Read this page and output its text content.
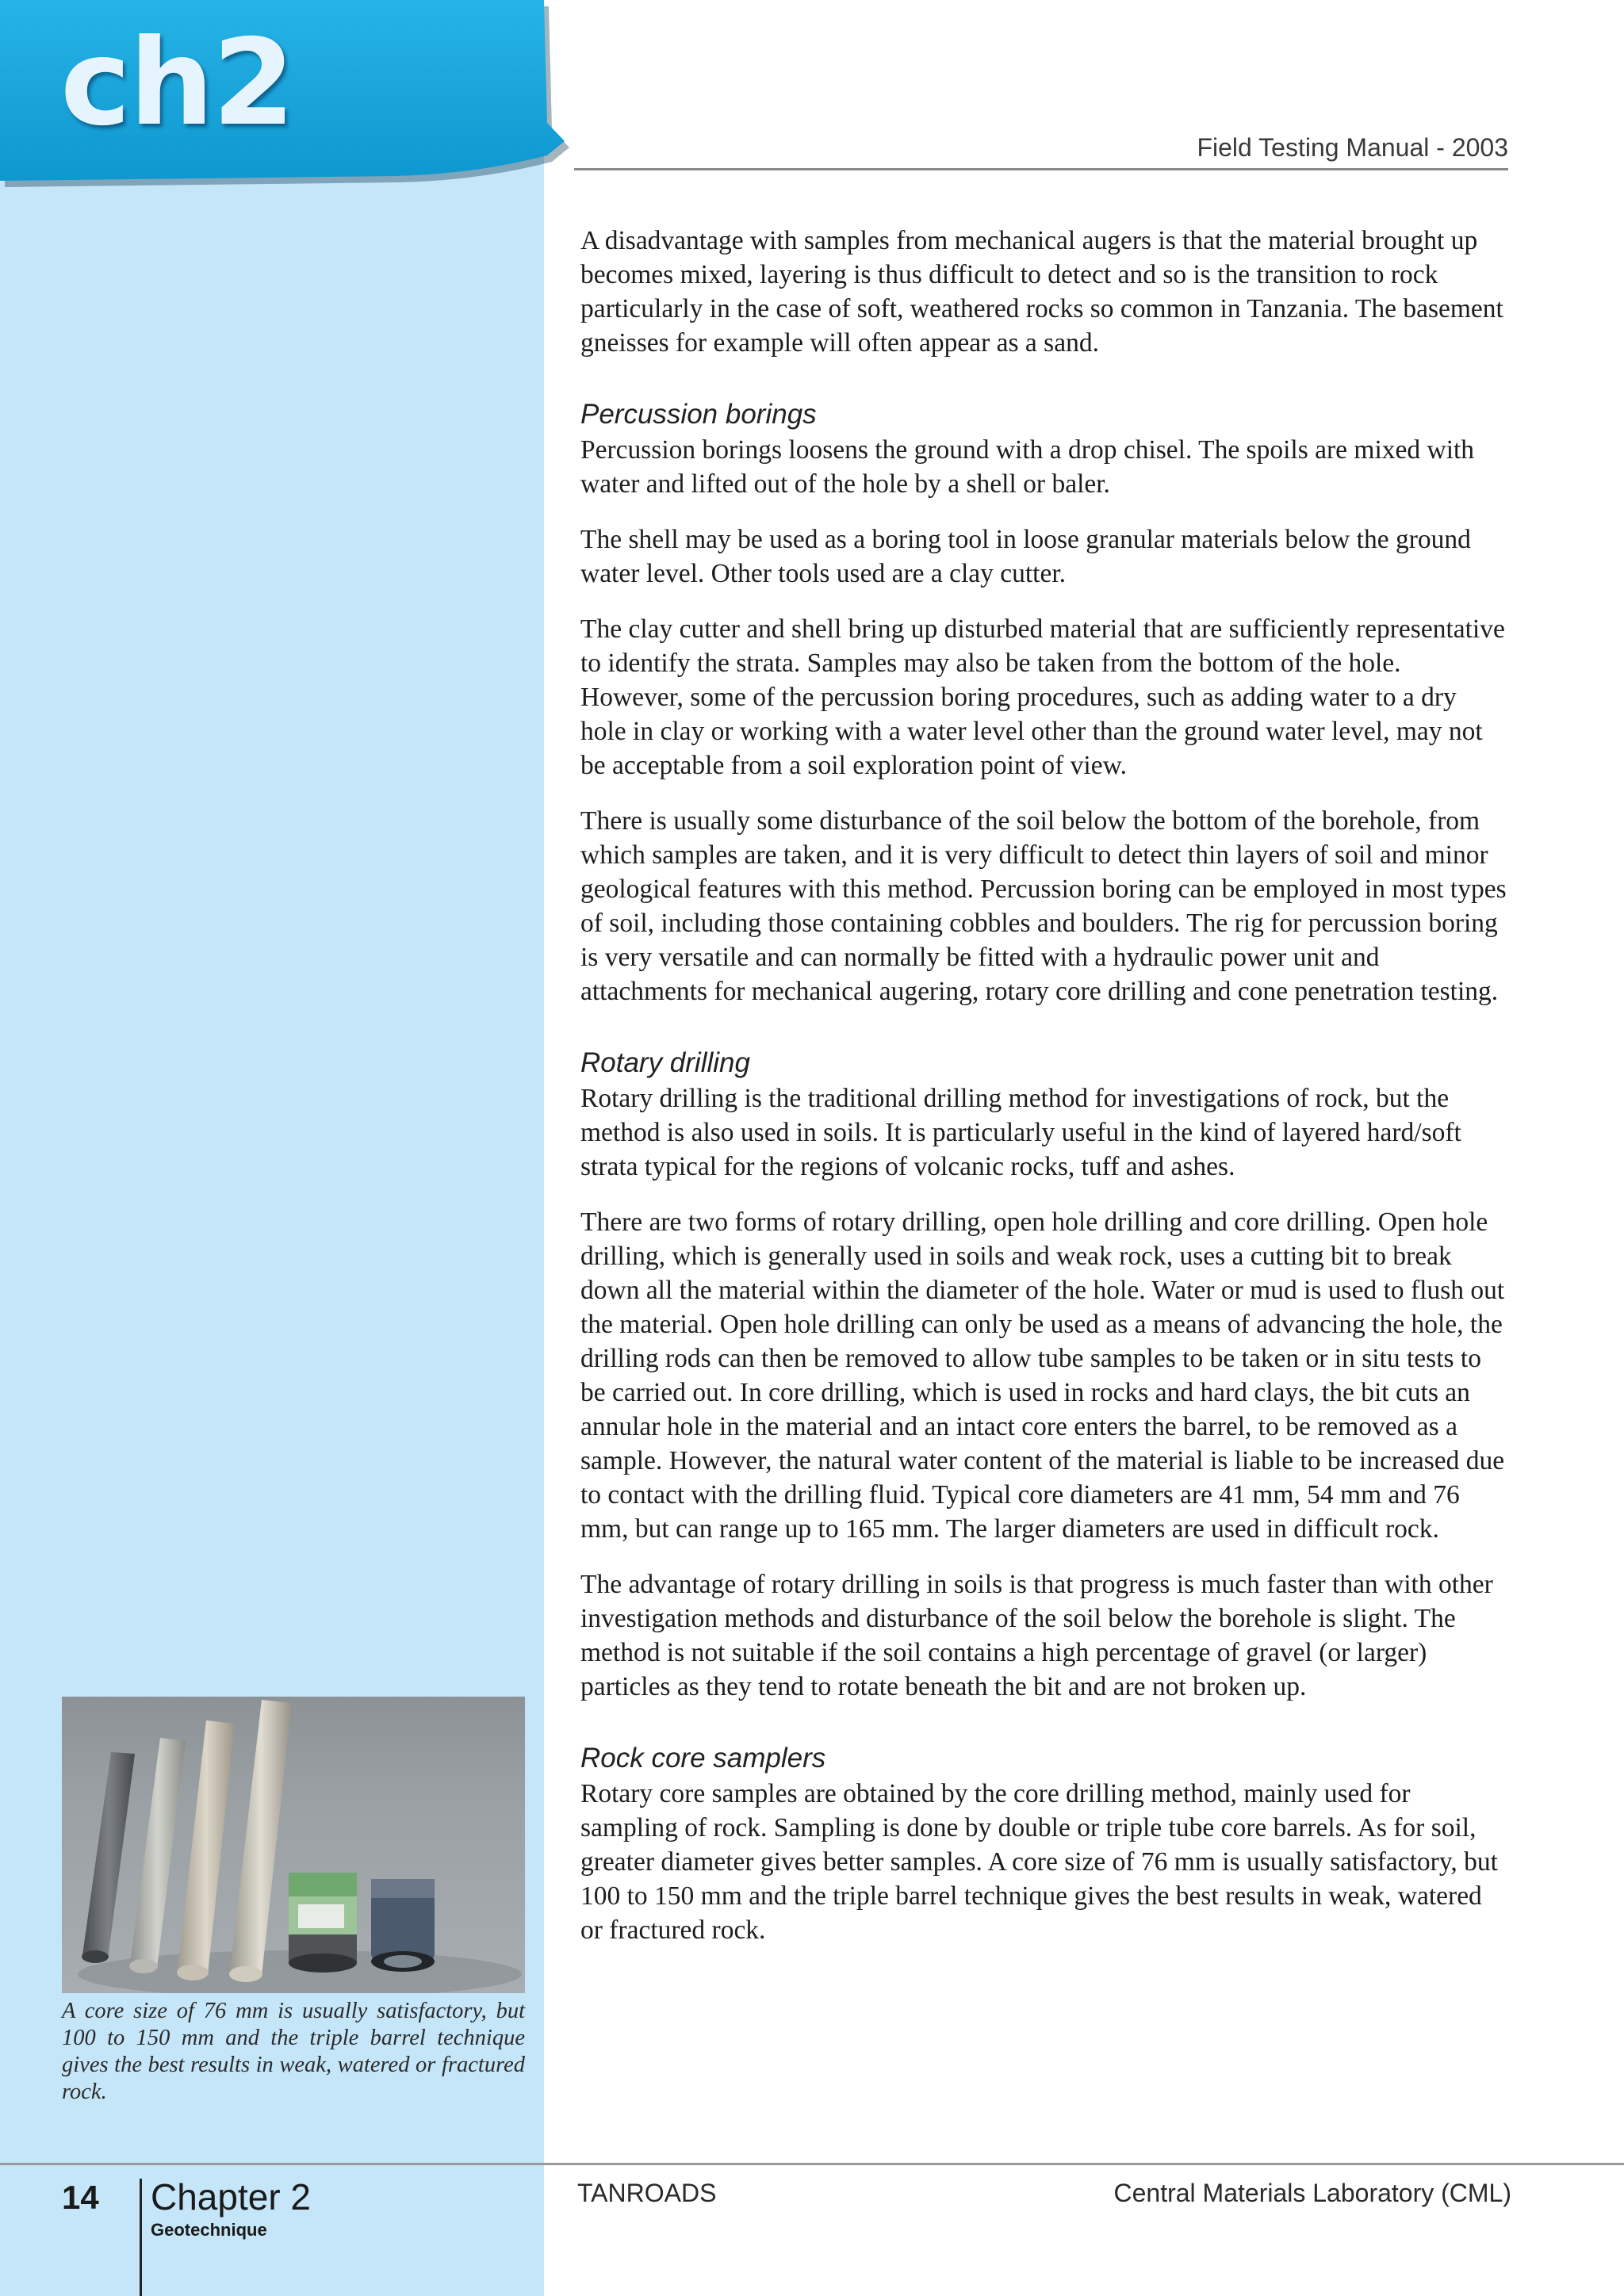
ch2	Field Testing Manual - 2003

A disadvantage with samples from mechanical augers is that the material brought up becomes mixed, layering is thus difficult to detect and so is the transition to rock particularly in the case of soft, weathered rocks so common in Tanzania. The basement gneisses for example will often appear as a sand.

Percussion borings

Percussion borings loosens the ground with a drop chisel. The spoils are mixed with water and lifted out of the hole by a shell or baler.

The shell may be used as a boring tool in loose granular materials below the ground water level. Other tools used are a clay cutter.

The clay cutter and shell bring up disturbed material that are sufficiently representative to identify the strata. Samples may also be taken from the bottom of the hole. However, some of the percussion boring procedures, such as adding water to a dry hole in clay or working with a water level other than the ground water level, may not be acceptable from a soil exploration point of view.

There is usually some disturbance of the soil below the bottom of the borehole, from which samples are taken, and it is very difficult to detect thin layers of soil and minor geological features with this method. Percussion boring can be employed in most types of soil, including those containing cobbles and boulders. The rig for percussion boring is very versatile and can normally be fitted with a hydraulic power unit and attachments for mechanical augering, rotary core drilling and cone penetration testing.

Rotary drilling

Rotary drilling is the traditional drilling method for investigations of rock, but the method is also used in soils. It is particularly useful in the kind of layered hard/soft strata typical for the regions of volcanic rocks, tuff and ashes.

There are two forms of rotary drilling, open hole drilling and core drilling. Open hole drilling, which is generally used in soils and weak rock, uses a cutting bit to break down all the material within the diameter of the hole. Water or mud is used to flush out the material. Open hole drilling can only be used as a means of advancing the hole, the drilling rods can then be removed to allow tube samples to be taken or in situ tests to be carried out. In core drilling, which is used in rocks and hard clays, the bit cuts an annular hole in the material and an intact core enters the barrel, to be removed as a sample. However, the natural water content of the material is liable to be increased due to contact with the drilling fluid. Typical core diameters are 41 mm, 54 mm and 76 mm, but can range up to 165 mm. The larger diameters are used in difficult rock.

The advantage of rotary drilling in soils is that progress is much faster than with other investigation methods and disturbance of the soil below the borehole is slight. The method is not suitable if the soil contains a high percentage of gravel (or larger) particles as they tend to rotate beneath the bit and are not broken up.

Rock core samplers

Rotary core samples are obtained by the core drilling method, mainly used for sampling of rock. Sampling is done by double or triple tube core barrels. As for soil, greater diameter gives better samples. A core size of 76 mm is usually satisfactory, but 100 to 150 mm and the triple barrel technique gives the best results in weak, watered or fractured rock.

A core size of 76 mm is usually satisfactory, but 100 to 150 mm and the triple barrel technique gives the best results in weak, watered or fractured rock.
14 Chapter 2
Geotechnique
TANROADS	Central Materials Laboratory (CML)
